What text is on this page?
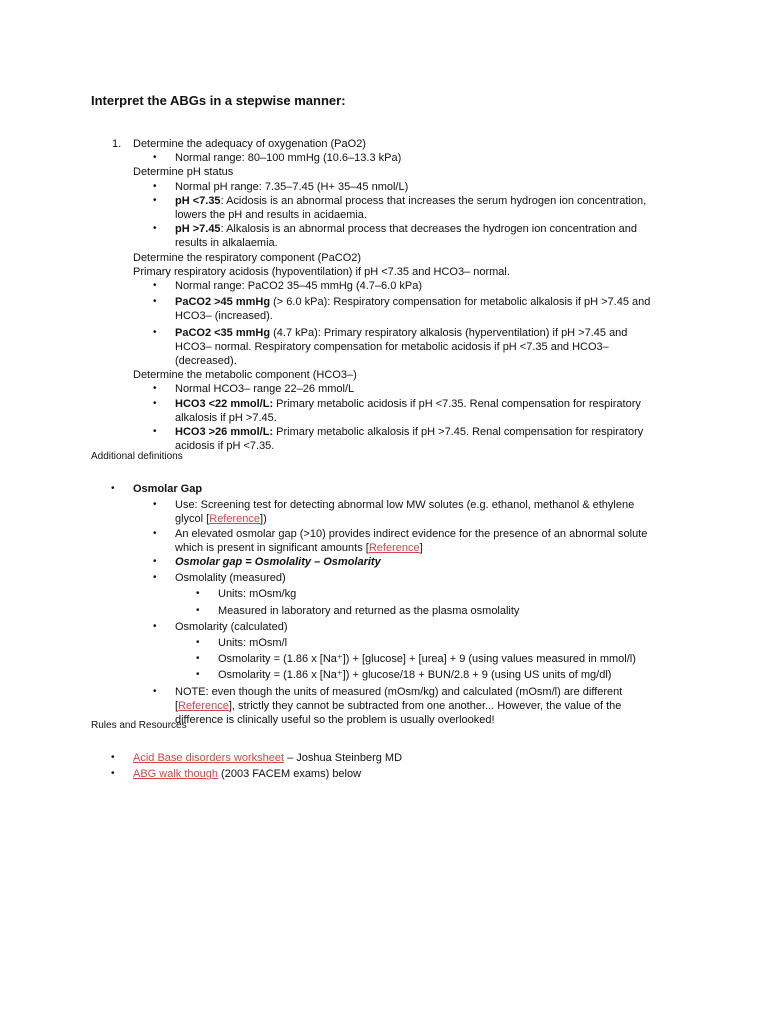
Interpret the ABGs in a stepwise manner:
1. Determine the adequacy of oxygenation (PaO2)
• Normal range: 80–100 mmHg (10.6–13.3 kPa)
Determine pH status
• Normal pH range: 7.35–7.45 (H+ 35–45 nmol/L)
• pH <7.35: Acidosis is an abnormal process that increases the serum hydrogen ion concentration, lowers the pH and results in acidaemia.
• pH >7.45: Alkalosis is an abnormal process that decreases the hydrogen ion concentration and results in alkalaemia.
Determine the respiratory component (PaCO2)
Primary respiratory acidosis (hypoventilation) if pH <7.35 and HCO3– normal.
• Normal range: PaCO2 35–45 mmHg (4.7–6.0 kPa)
• PaCO2 >45 mmHg (> 6.0 kPa): Respiratory compensation for metabolic alkalosis if pH >7.45 and HCO3– (increased).
• PaCO2 <35 mmHg (4.7 kPa): Primary respiratory alkalosis (hyperventilation) if pH >7.45 and HCO3– normal. Respiratory compensation for metabolic acidosis if pH <7.35 and HCO3– (decreased).
Determine the metabolic component (HCO3–)
• Normal HCO3– range 22–26 mmol/L
• HCO3 <22 mmol/L: Primary metabolic acidosis if pH <7.35. Renal compensation for respiratory alkalosis if pH >7.45.
• HCO3 >26 mmol/L: Primary metabolic alkalosis if pH >7.45. Renal compensation for respiratory acidosis if pH <7.35.
Additional definitions
• Osmolar Gap
• Use: Screening test for detecting abnormal low MW solutes (e.g. ethanol, methanol & ethylene glycol [Reference])
• An elevated osmolar gap (>10) provides indirect evidence for the presence of an abnormal solute which is present in significant amounts [Reference]
• Osmolar gap = Osmolality – Osmolarity
• Osmolality (measured)
• Units: mOsm/kg
• Measured in laboratory and returned as the plasma osmolality
• Osmolarity (calculated)
• Units: mOsm/l
• Osmolarity = (1.86 x [Na⁺]) + [glucose] + [urea] + 9 (using values measured in mmol/l)
• Osmolarity = (1.86 x [Na⁺]) + glucose/18 + BUN/2.8 + 9 (using US units of mg/dl)
• NOTE: even though the units of measured (mOsm/kg) and calculated (mOsm/l) are different [Reference], strictly they cannot be subtracted from one another... However, the value of the difference is clinically useful so the problem is usually overlooked!
Rules and Resources
• Acid Base disorders worksheet – Joshua Steinberg MD
• ABG walk though (2003 FACEM exams) below
